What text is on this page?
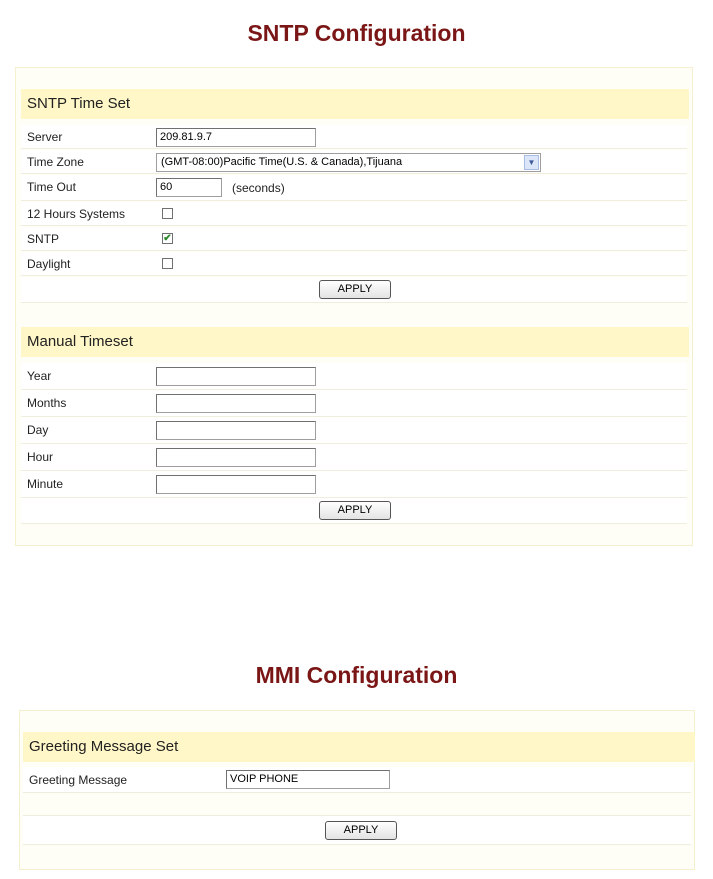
SNTP Configuration
SNTP Time Set
Server	209.81.9.7
Time Zone	(GMT-08:00)Pacific Time(U.S. & Canada),Tijuana	▼
Time Out	60	(seconds)
12 Hours Systems
SNTP	✔
Daylight
APPLY
Manual Timeset
Year
Months
Day
Hour
Minute
APPLY
MMI Configuration
Greeting Message Set
Greeting Message	VOIP PHONE
APPLY
